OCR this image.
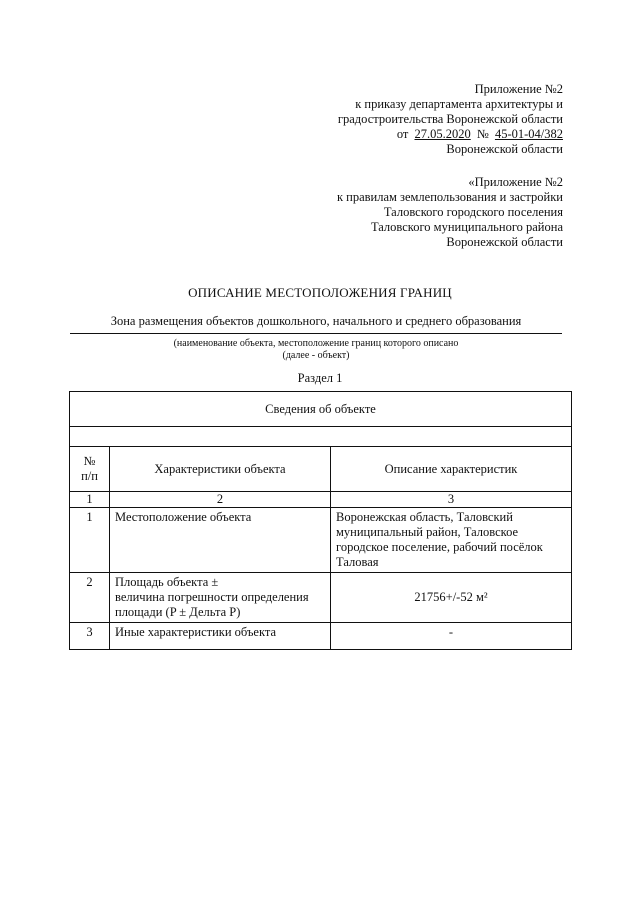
Приложение №2
к приказу департамента архитектуры и
градостроительства Воронежской области
от 27.05.2020 № 45-01-04/382
Воронежской области
«Приложение №2
к правилам землепользования и застройки
Таловского городского поселения
Таловского муниципального района
Воронежской области
ОПИСАНИЕ МЕСТОПОЛОЖЕНИЯ ГРАНИЦ
Зона размещения объектов дошкольного, начального и среднего образования
(наименование объекта, местоположение границ которого описано
(далее - объект)
Раздел 1
Сведения об объекте		

№
п/п	Характеристики объекта	Описание характеристик
1	2	3
1	Местоположение объекта	Воронежская область, Таловский муниципальный район, Таловское городское поселение, рабочий посёлок Таловая
2	Площадь объекта ±
величина погрешности определения
площади (P ± Дельта P)	21756+/-52 м²
3	Иные характеристики объекта	-
